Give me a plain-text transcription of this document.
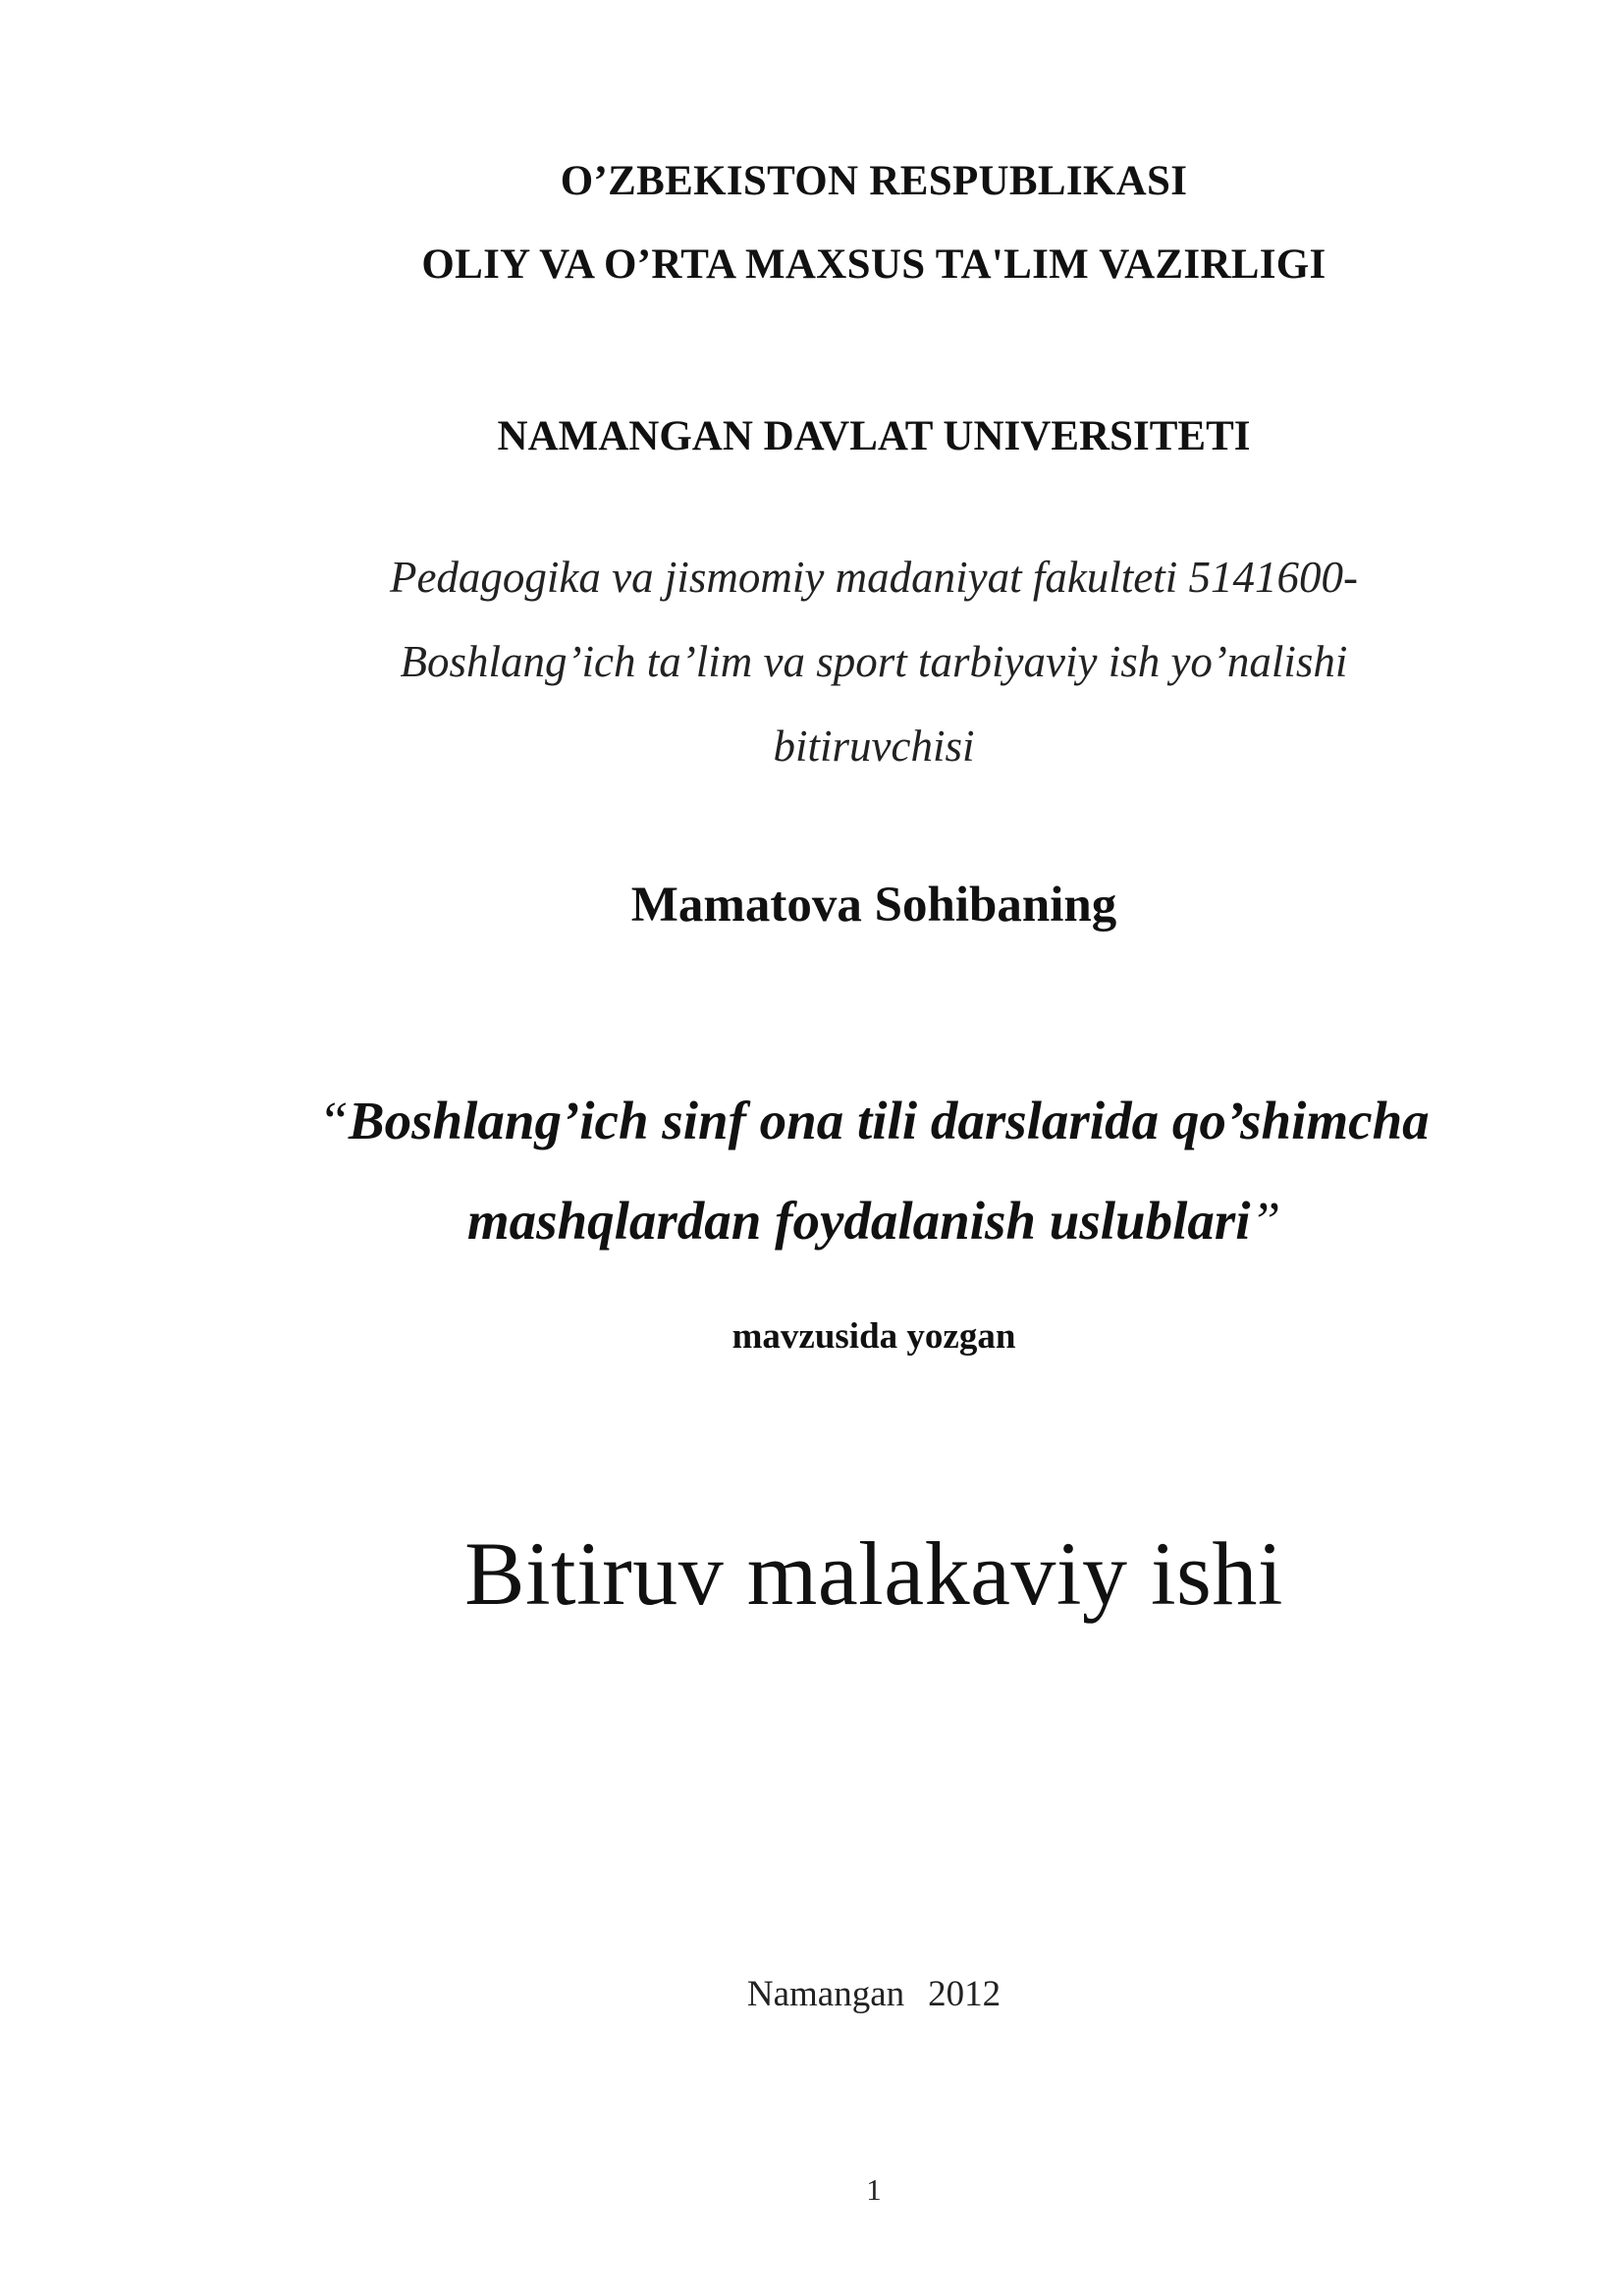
O’ZBEKISTON RESPUBLIKASI
OLIY VA O’RTA MAXSUS TA'LIM VAZIRLIGI
NAMANGAN DAVLAT UNIVERSITETI
Pedagogika va jismomiy madaniyat fakulteti 5141600-
Boshlang’ich ta’lim va sport tarbiyaviy ish yo’nalishi
bitiruvchisi
Mamatova Sohibaning
“Boshlang’ich sinf ona tili darslarida qo’shimcha
mashqlardan foydalanish uslublari”
mavzusida yozgan
Bitiruv malakaviy ishi
Namangan 2012
1
